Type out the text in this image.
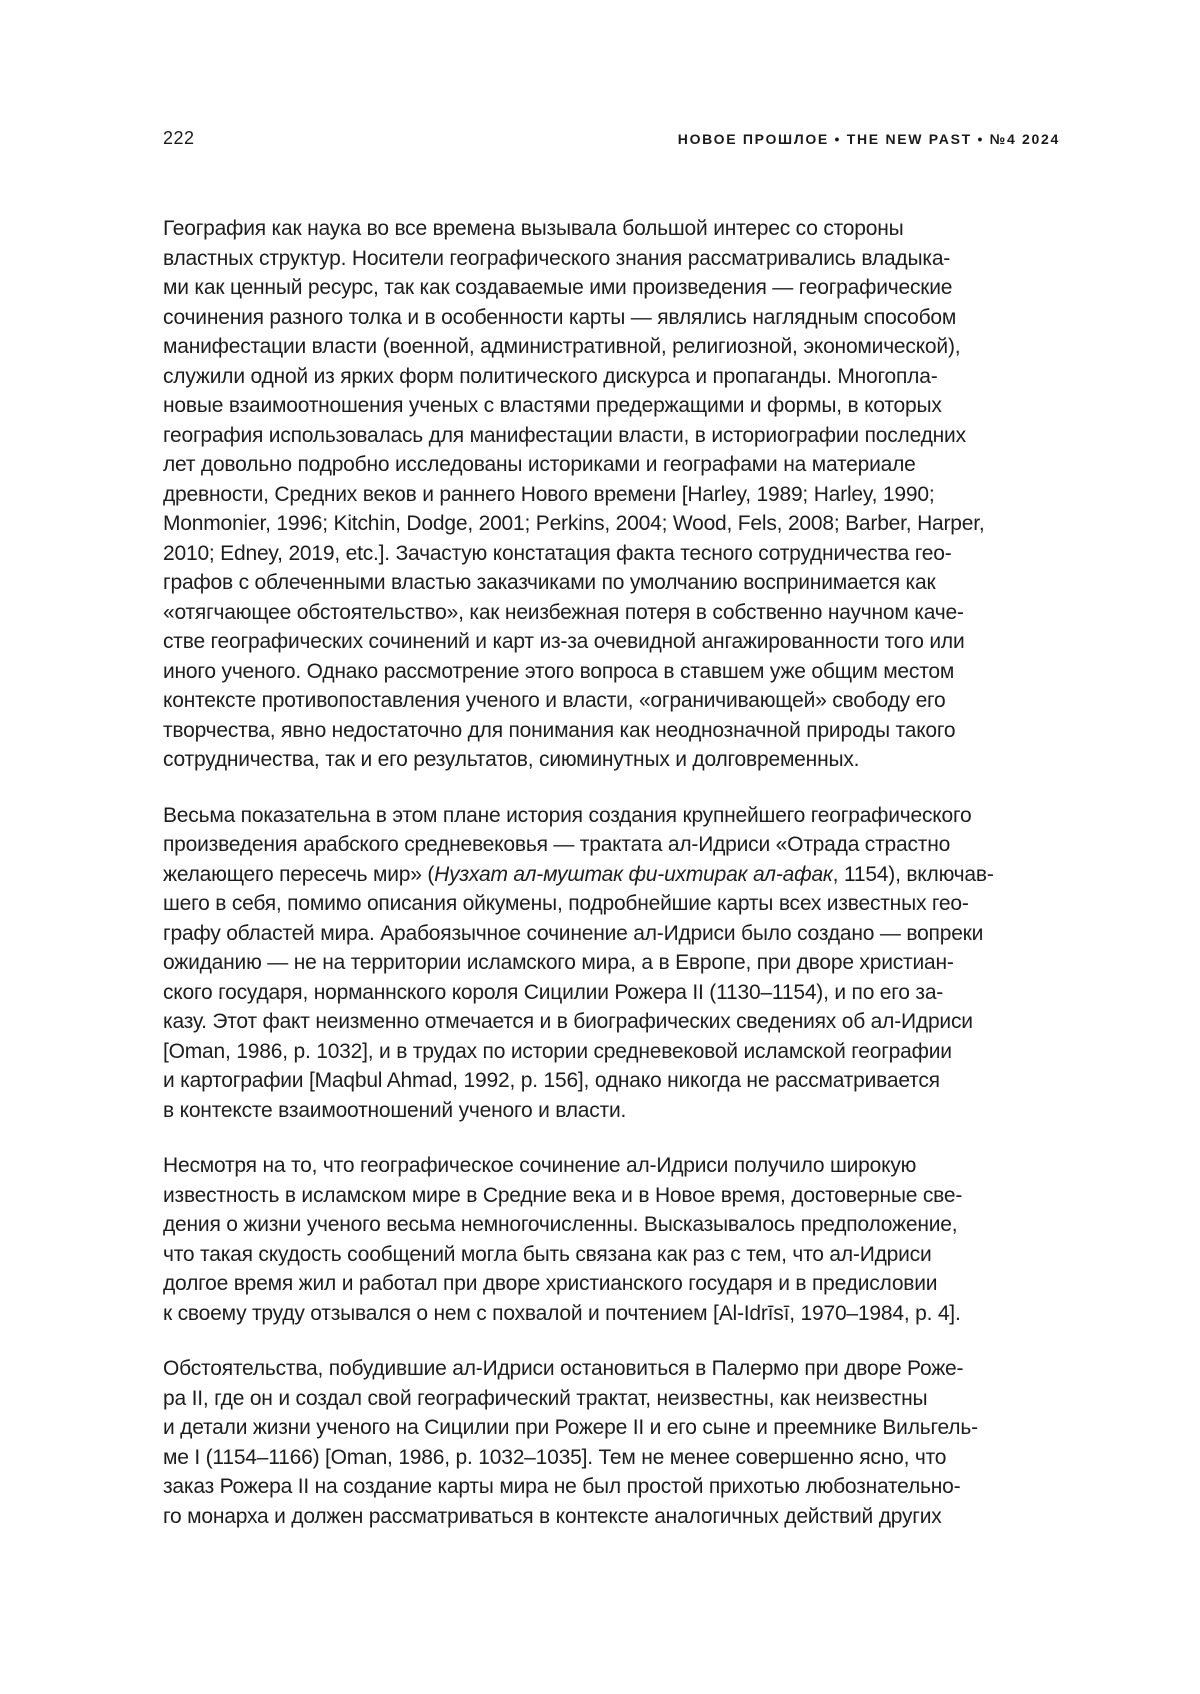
222	НОВОЕ ПРОШЛОЕ • THE NEW PAST • №4 2024

География как наука во все времена вызывала большой интерес со стороны
властных структур. Носители географического знания рассматривались владыка-
ми как ценный ресурс, так как создаваемые ими произведения — географические
сочинения разного толка и в особенности карты — являлись наглядным способом
манифестации власти (военной, административной, религиозной, экономической),
служили одной из ярких форм политического дискурса и пропаганды. Многопла-
новые взаимоотношения ученых с властями предержащими и формы, в которых
география использовалась для манифестации власти, в историографии последних
лет довольно подробно исследованы историками и географами на материале
древности, Средних веков и раннего Нового времени [Harley, 1989; Harley, 1990;
Monmonier, 1996; Kitchin, Dodge, 2001; Perkins, 2004; Wood, Fels, 2008; Barber, Harper,
2010; Edney, 2019, etc.]. Зачастую констатация факта тесного сотрудничества гео-
графов с облеченными властью заказчиками по умолчанию воспринимается как
«отягчающее обстоятельство», как неизбежная потеря в собственно научном каче-
стве географических сочинений и карт из-за очевидной ангажированности того или
иного ученого. Однако рассмотрение этого вопроса в ставшем уже общим местом
контексте противопоставления ученого и власти, «ограничивающей» свободу его
творчества, явно недостаточно для понимания как неоднозначной природы такого
сотрудничества, так и его результатов, сиюминутных и долговременных.

Весьма показательна в этом плане история создания крупнейшего географического
произведения арабского средневековья — трактата ал-Идриси «Отрада страстно
желающего пересечь мир» (Нузхат ал-муштак фи-ихтирак ал-афак, 1154), включав-
шего в себя, помимо описания ойкумены, подробнейшие карты всех известных гео-
графу областей мира. Арабоязычное сочинение ал-Идриси было создано — вопреки
ожиданию — не на территории исламского мира, а в Европе, при дворе христиан-
ского государя, норманнского короля Сицилии Рожера II (1130–1154), и по его за-
казу. Этот факт неизменно отмечается и в биографических сведениях об ал-Идриси
[Oman, 1986, p. 1032], и в трудах по истории средневековой исламской географии
и картографии [Maqbul Ahmad, 1992, p. 156], однако никогда не рассматривается
в контексте взаимоотношений ученого и власти.

Несмотря на то, что географическое сочинение ал-Идриси получило широкую
известность в исламском мире в Средние века и в Новое время, достоверные све-
дения о жизни ученого весьма немногочисленны. Высказывалось предположение,
что такая скудость сообщений могла быть связана как раз с тем, что ал-Идриси
долгое время жил и работал при дворе христианского государя и в предисловии
к своему труду отзывался о нем с похвалой и почтением [Al-Idrīsī, 1970–1984, p. 4].

Обстоятельства, побудившие ал-Идриси остановиться в Палермо при дворе Роже-
ра II, где он и создал свой географический трактат, неизвестны, как неизвестны
и детали жизни ученого на Сицилии при Рожере II и его сыне и преемнике Вильгель-
ме I (1154–1166) [Oman, 1986, p. 1032–1035]. Тем не менее совершенно ясно, что
заказ Рожера II на создание карты мира не был простой прихотью любознательно-
го монарха и должен рассматриваться в контексте аналогичных действий других
